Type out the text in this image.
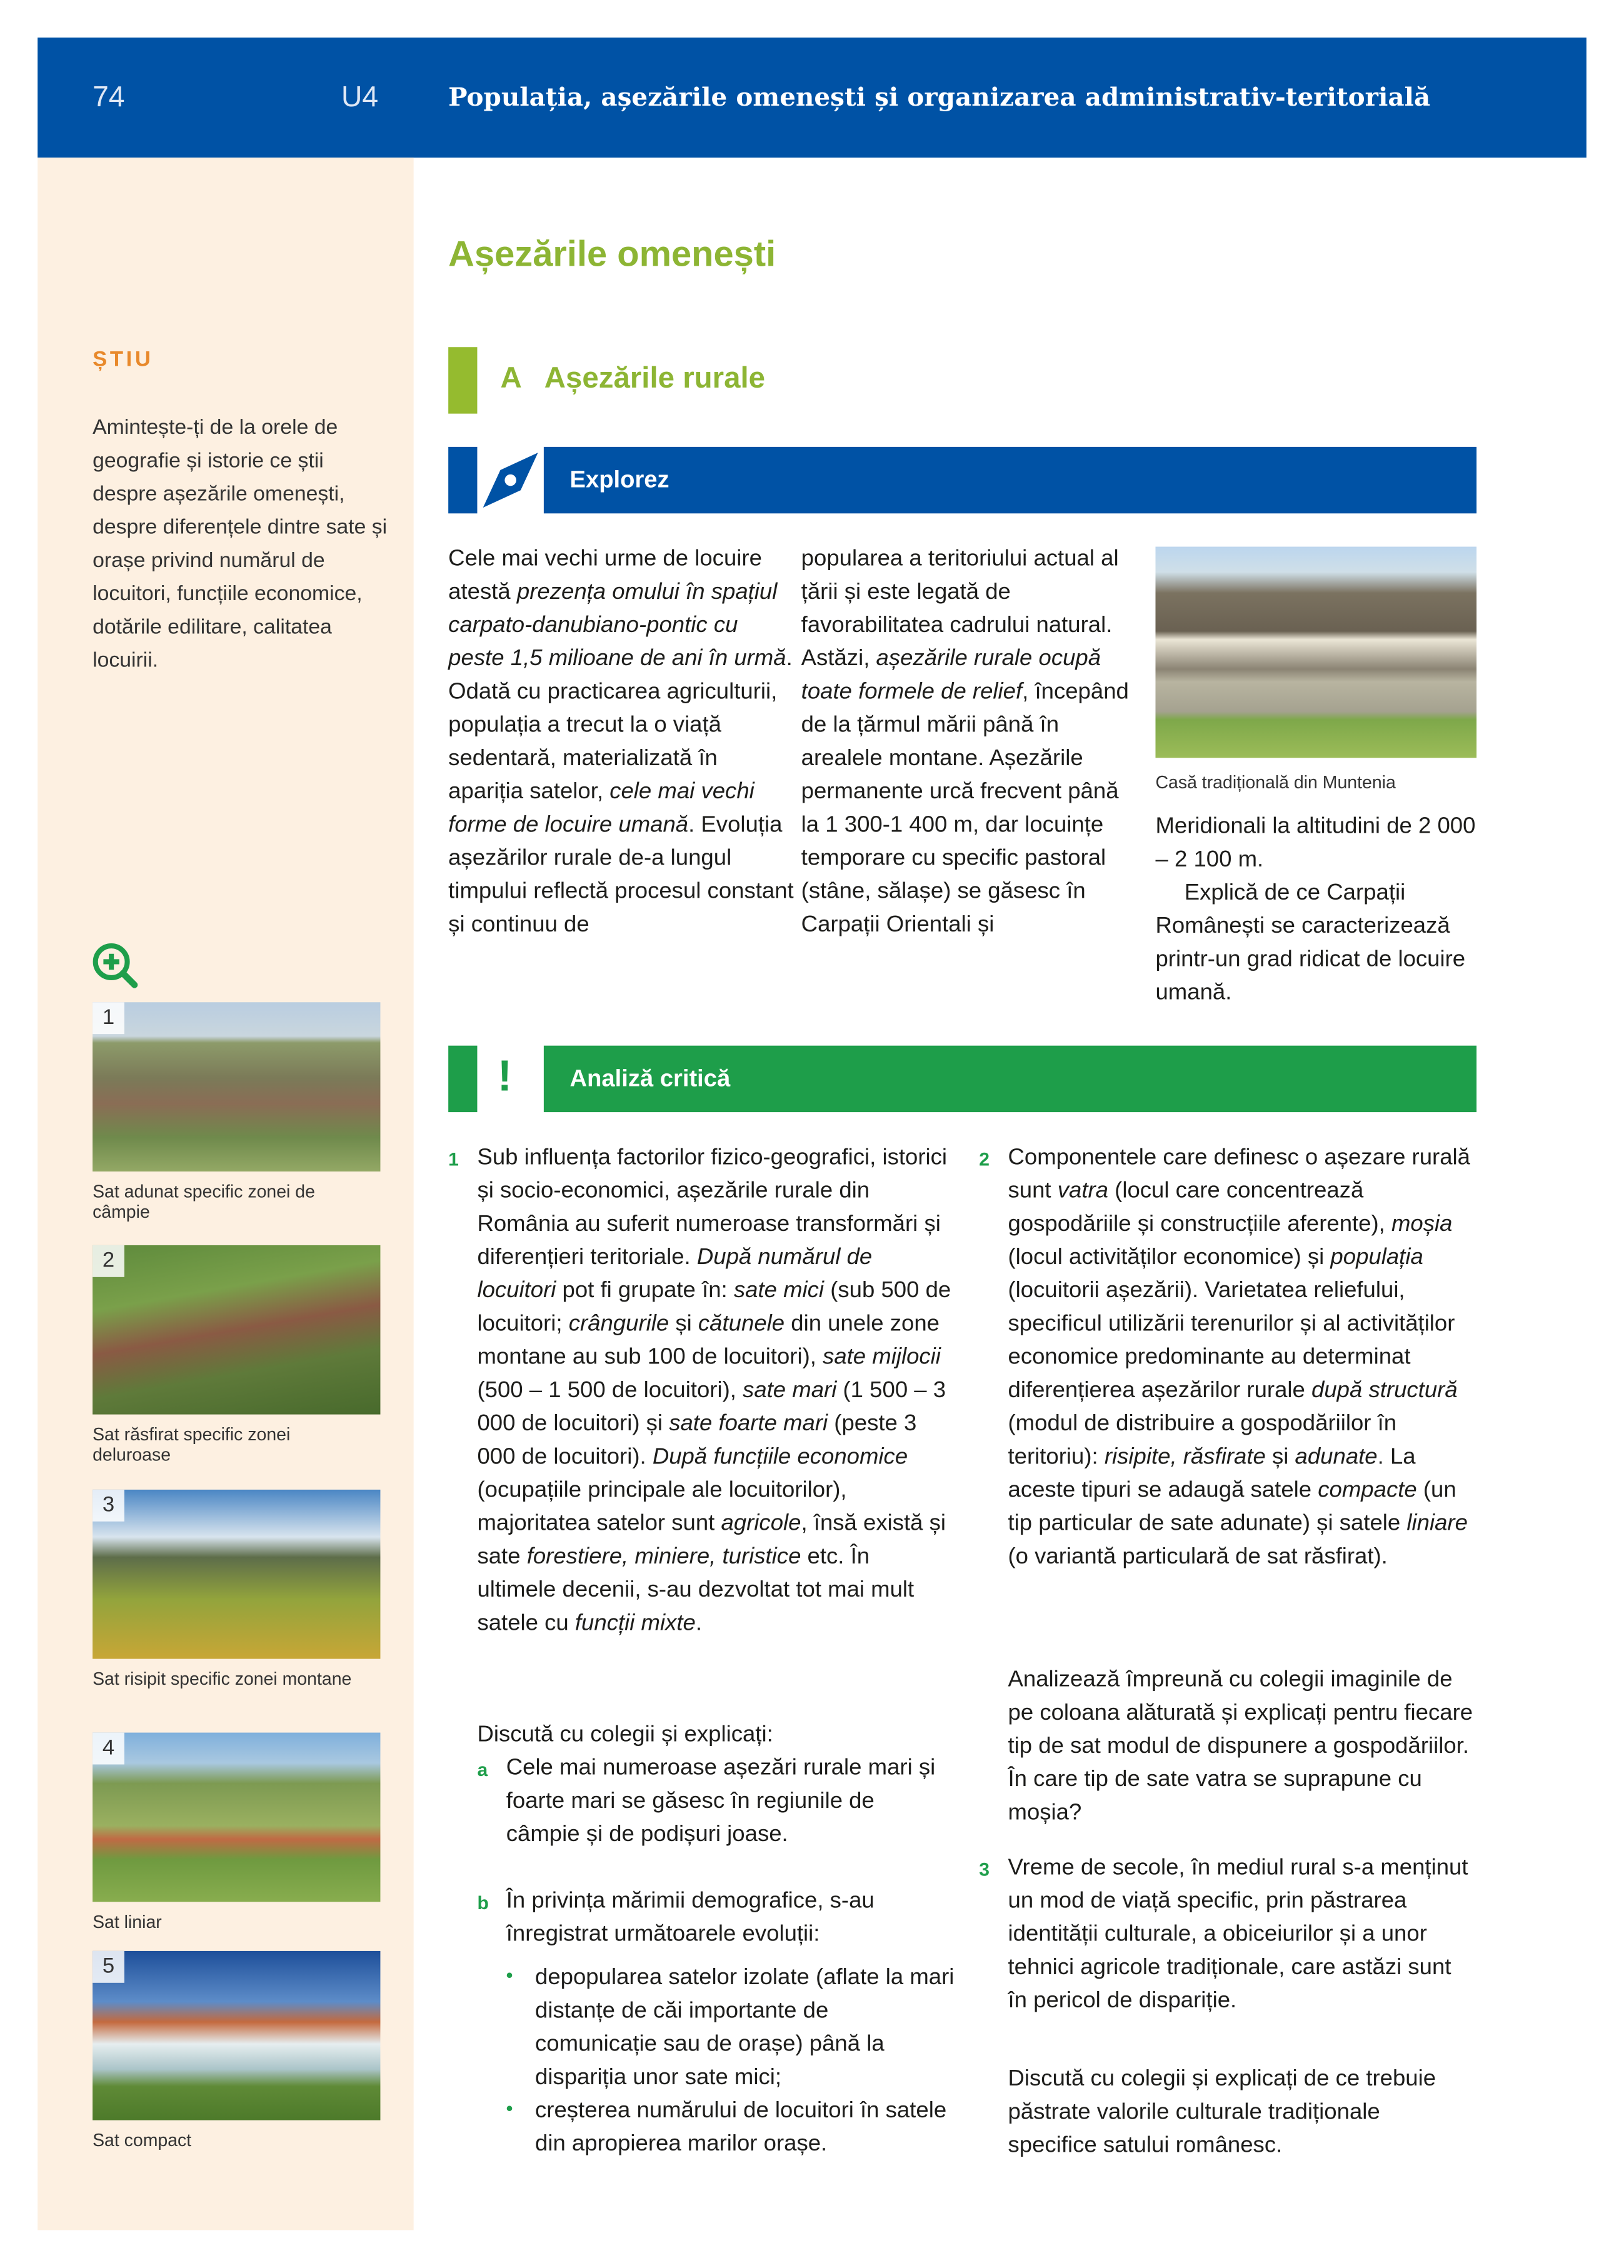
74	U4	Populația, așezările omenești și organizarea administrativ-teritorială
ȘTIU
Amintește-ți de la orele de geografie și istorie ce știi despre așezările omenești, despre diferențele dintre sate și orașe privind numărul de locuitori, funcțiile economice, dotările edilitare, calitatea locuirii.
1
Sat adunat specific zonei de câmpie
2
Sat răsfirat specific zonei deluroase
3
Sat risipit specific zonei montane
4
Sat liniar
5
Sat compact
Așezările omenești
A Așezările rurale
Explorez
Cele mai vechi urme de locuire atestă prezența omului în spațiul carpato-danubiano-pontic cu peste 1,5 milioane de ani în urmă. Odată cu practicarea agriculturii, populația a trecut la o viață sedentară, materializată în apariția satelor, cele mai vechi forme de locuire umană. Evoluția așezărilor rurale de-a lungul timpului reflectă procesul constant și continuu de
popularea a teritoriului actual al țării și este legată de favorabilitatea cadrului natural. Astăzi, așezările rurale ocupă toate formele de relief, începând de la țărmul mării până în arealele montane. Așezările permanente urcă frecvent până la 1 300-1 400 m, dar locuințe temporare cu specific pastoral (stâne, sălașe) se găsesc în Carpații Orientali și
Casă tradițională din Muntenia
Meridionali la altitudini de 2 000 – 2 100 m.
Explică de ce Carpații Românești se caracterizează printr-un grad ridicat de locuire umană.
!	Analiză critică
1 Sub influența factorilor fizico-geografici, istorici și socio-economici, așezările rurale din România au suferit numeroase transformări și diferențieri teritoriale. După numărul de locuitori pot fi grupate în: sate mici (sub 500 de locuitori; crângurile și cătunele din unele zone montane au sub 100 de locuitori), sate mijlocii (500 – 1 500 de locuitori), sate mari (1 500 – 3 000 de locuitori) și sate foarte mari (peste 3 000 de locuitori). După funcțiile economice (ocupațiile principale ale locuitorilor), majoritatea satelor sunt agricole, însă există și sate forestiere, miniere, turistice etc. În ultimele decenii, s-au dezvoltat tot mai mult satele cu funcții mixte.
Discută cu colegii și explicați:
a Cele mai numeroase așezări rurale mari și foarte mari se găsesc în regiunile de câmpie și de podișuri joase.
b În privința mărimii demografice, s-au înregistrat următoarele evoluții:
• depopularea satelor izolate (aflate la mari distanțe de căi importante de comunicație sau de orașe) până la dispariția unor sate mici;
• creșterea numărului de locuitori în satele din apropierea marilor orașe.
2 Componentele care definesc o așezare rurală sunt vatra (locul care concentrează gospodăriile și construcțiile aferente), moșia (locul activităților economice) și populația (locuitorii așezării). Varietatea reliefului, specificul utilizării terenurilor și al activităților economice predominante au determinat diferențierea așezărilor rurale după structură (modul de distribuire a gospodăriilor în teritoriu): risipite, răsfirate și adunate. La aceste tipuri se adaugă satele compacte (un tip particular de sate adunate) și satele liniare (o variantă particulară de sat răsfirat).
Analizează împreună cu colegii imaginile de pe coloana alăturată și explicați pentru fiecare tip de sat modul de dispunere a gospodăriilor. În care tip de sate vatra se suprapune cu moșia?
3 Vreme de secole, în mediul rural s-a menținut un mod de viață specific, prin păstrarea identității culturale, a obiceiurilor și a unor tehnici agricole tradiționale, care astăzi sunt în pericol de dispariție.
Discută cu colegii și explicați de ce trebuie păstrate valorile culturale tradiționale specifice satului românesc.
